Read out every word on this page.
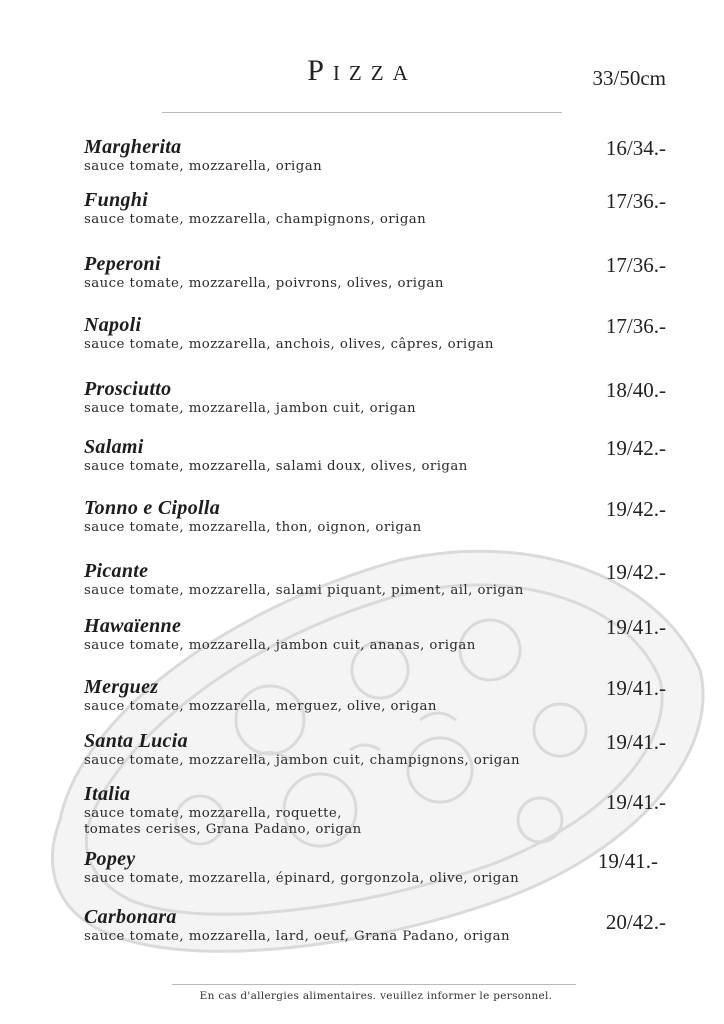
Pizza	33/50cm
Margherita
sauce tomate, mozzarella, origan
16/34.-
Funghi
sauce tomate, mozzarella, champignons, origan
17/36.-
Peperoni
sauce tomate, mozzarella, poivrons, olives, origan
17/36.-
Napoli
sauce tomate, mozzarella, anchois, olives, câpres, origan
17/36.-
Prosciutto
sauce tomate, mozzarella, jambon cuit, origan
18/40.-
Salami
sauce tomate, mozzarella, salami doux, olives, origan
19/42.-
Tonno e Cipolla
sauce tomate, mozzarella, thon, oignon, origan
19/42.-
Picante
sauce tomate, mozzarella, salami piquant, piment, ail, origan
19/42.-
Hawaïenne
sauce tomate, mozzarella, jambon cuit, ananas, origan
19/41.-
Merguez
sauce tomate, mozzarella, merguez, olive, origan
19/41.-
Santa Lucia
sauce tomate, mozzarella, jambon cuit, champignons, origan
19/41.-
Italia
sauce tomate, mozzarella, roquette,
tomates cerises, Grana Padano, origan
19/41.-
Popey
sauce tomate, mozzarella, épinard, gorgonzola, olive, origan
19/41.-
Carbonara
sauce tomate, mozzarella, lard, oeuf, Grana Padano, origan
20/42.-
En cas d'allergies alimentaires. veuillez informer le personnel.
